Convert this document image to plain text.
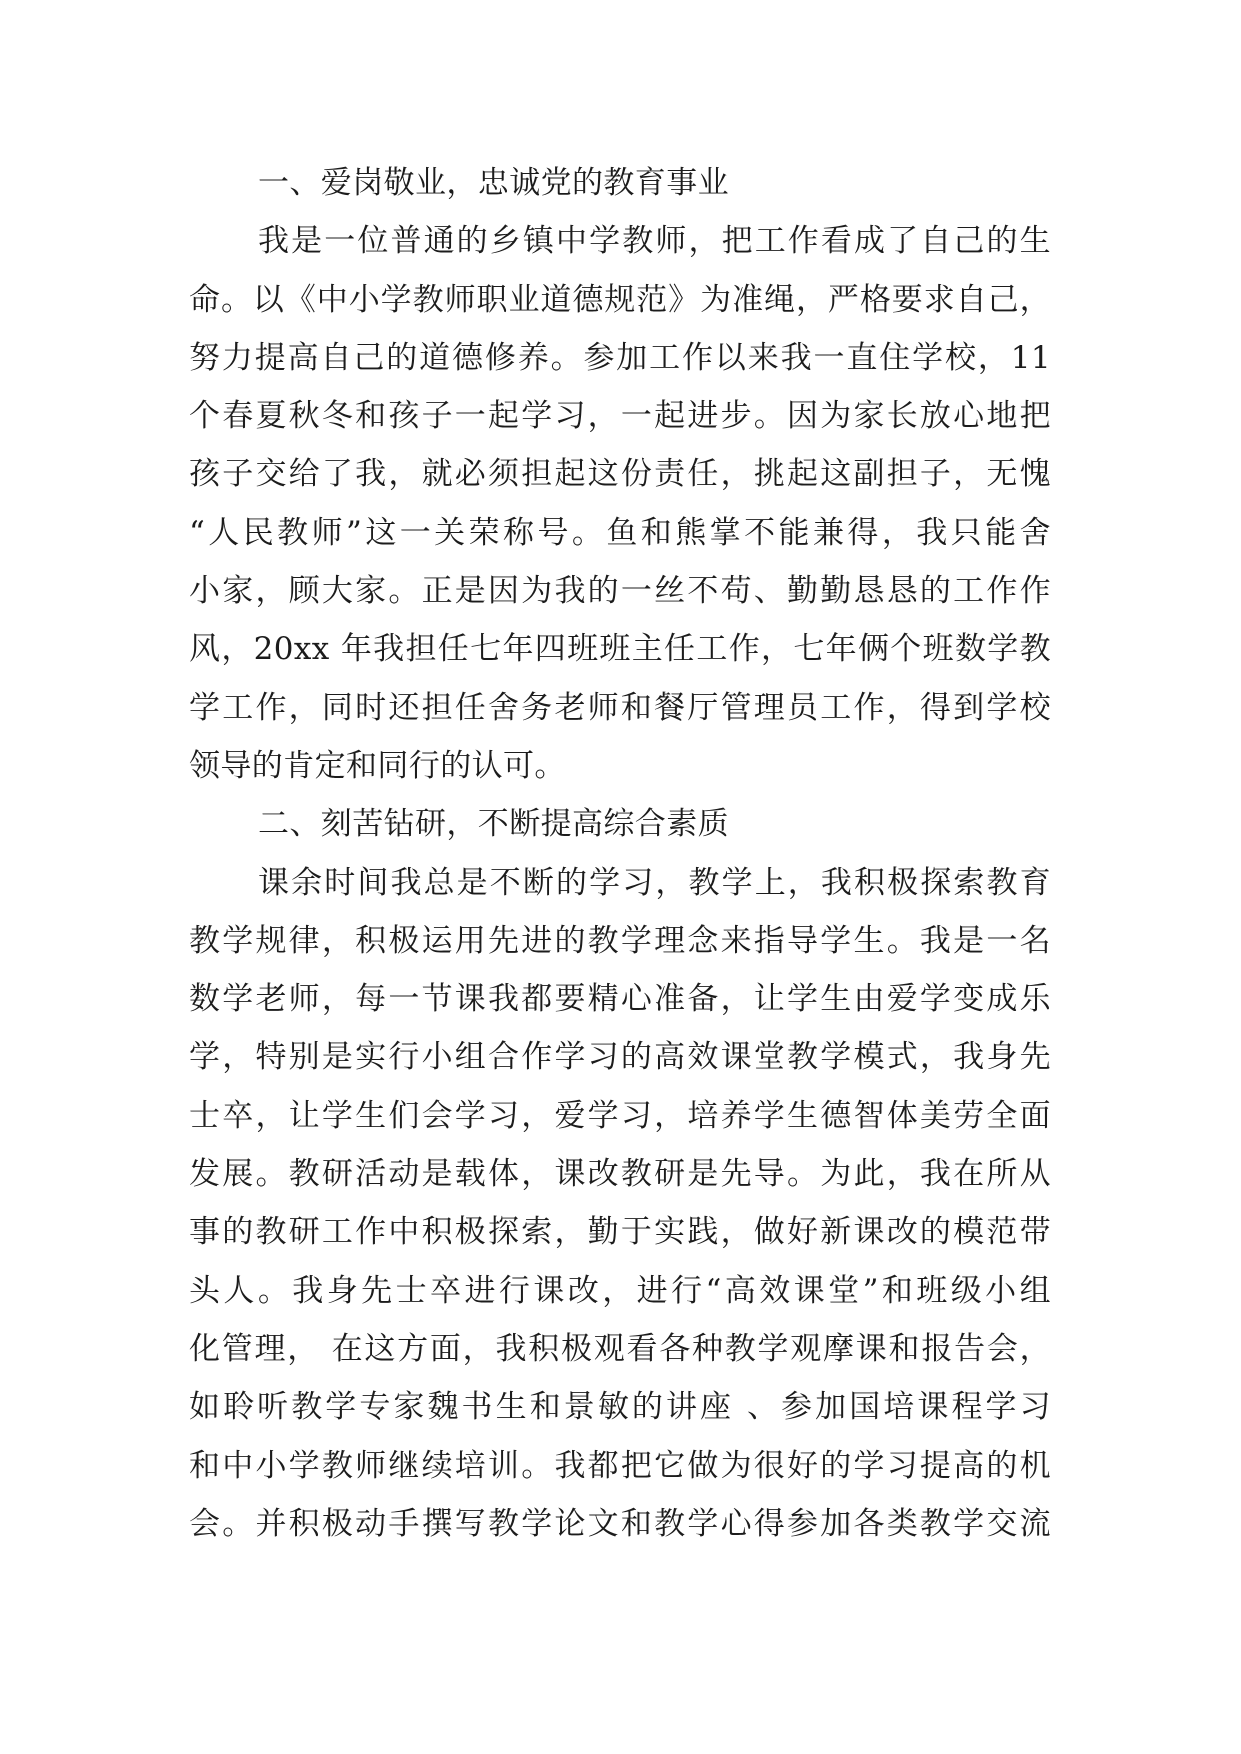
一、爱岗敬业，忠诚党的教育事业
我是一位普通的乡镇中学教师，把工作看成了自己的生
命。以《中小学教师职业道德规范》为准绳，严格要求自己，
努力提高自己的道德修养。参加工作以来我一直住学校，11
个春夏秋冬和孩子一起学习，一起进步。因为家长放心地把
孩子交给了我，就必须担起这份责任，挑起这副担子，无愧
“人民教师”这一关荣称号。鱼和熊掌不能兼得，我只能舍
小家，顾大家。正是因为我的一丝不苟、勤勤恳恳的工作作
风，20xx 年我担任七年四班班主任工作，七年俩个班数学教
学工作，同时还担任舍务老师和餐厅管理员工作，得到学校
领导的肯定和同行的认可。
二、刻苦钻研，不断提高综合素质
课余时间我总是不断的学习，教学上，我积极探索教育
教学规律，积极运用先进的教学理念来指导学生。我是一名
数学老师，每一节课我都要精心准备，让学生由爱学变成乐
学，特别是实行小组合作学习的高效课堂教学模式，我身先
士卒，让学生们会学习，爱学习，培养学生德智体美劳全面
发展。教研活动是载体，课改教研是先导。为此，我在所从
事的教研工作中积极探索，勤于实践，做好新课改的模范带
头人。我身先士卒进行课改，进行“高效课堂”和班级小组
化管理， 在这方面，我积极观看各种教学观摩课和报告会，
如聆听教学专家魏书生和景敏的讲座 、参加国培课程学习
和中小学教师继续培训。我都把它做为很好的学习提高的机
会。并积极动手撰写教学论文和教学心得参加各类教学交流
